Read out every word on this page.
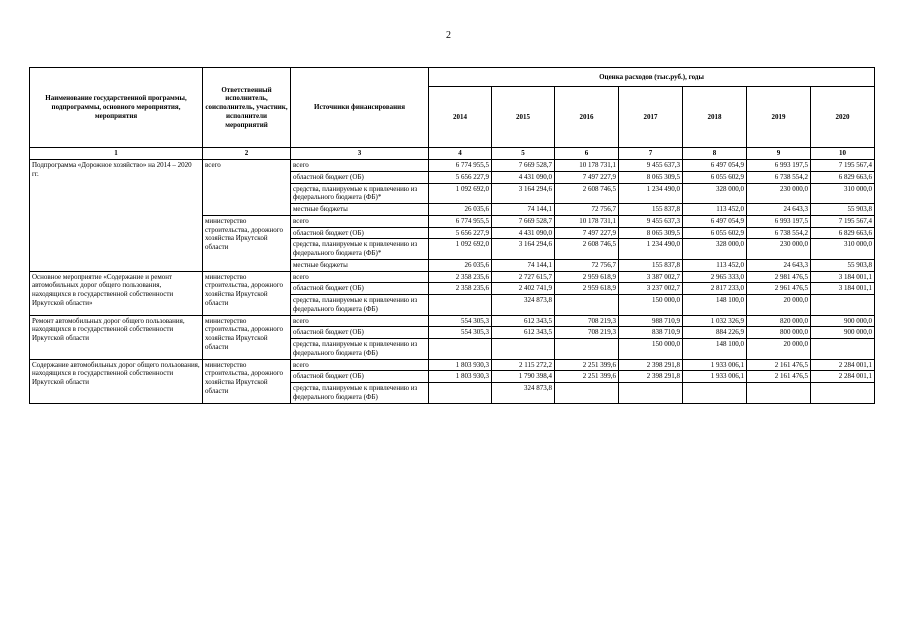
2
Наименование государственной программы, подпрограммы, основного мероприятия, мероприятия	Ответственный исполнитель, соисполнитель, участник, исполнители мероприятий	Источники финансирования	Оценка расходов (тыс.руб.), годы						
			2014	2015	2016	2017	2018	2019	2020
1	2	3	4	5	6	7	8	9	10
Подпрограмма «Дорожное хозяйство» на 2014 – 2020 гг.	всего	всего	6 774 955,5	7 669 528,7	10 178 731,1	9 455 637,3	6 497 054,9	6 993 197,5	7 195 567,4
		областной бюджет (ОБ)	5 656 227,9	4 431 090,0	7 497 227,9	8 065 309,5	6 055 602,9	6 738 554,2	6 829 663,6
		средства, планируемые к привлечению из федерального бюджета (ФБ)*	1 092 692,0	3 164 294,6	2 608 746,5	1 234 490,0	328 000,0	230 000,0	310 000,0
		местные бюджеты	26 035,6	74 144,1	72 756,7	155 837,8	113 452,0	24 643,3	55 903,8
	министерство строительства, дорожного хозяйства Иркутской области	всего	6 774 955,5	7 669 528,7	10 178 731,1	9 455 637,3	6 497 054,9	6 993 197,5	7 195 567,4
		областной бюджет (ОБ)	5 656 227,9	4 431 090,0	7 497 227,9	8 065 309,5	6 055 602,9	6 738 554,2	6 829 663,6
		средства, планируемые к привлечению из федерального бюджета (ФБ)*	1 092 692,0	3 164 294,6	2 608 746,5	1 234 490,0	328 000,0	230 000,0	310 000,0
		местные бюджеты	26 035,6	74 144,1	72 756,7	155 837,8	113 452,0	24 643,3	55 903,8
Основное мероприятие «Содержание и ремонт автомобильных дорог общего пользования, находящихся в государственной собственности Иркутской области»	министерство строительства, дорожного хозяйства Иркутской области	всего	2 358 235,6	2 727 615,7	2 959 618,9	3 387 002,7	2 965 333,0	2 981 476,5	3 184 001,1
		областной бюджет (ОБ)	2 358 235,6	2 402 741,9	2 959 618,9	3 237 002,7	2 817 233,0	2 961 476,5	3 184 001,1
		средства, планируемые к привлечению из федерального бюджета (ФБ)		324 873,8		150 000,0	148 100,0	20 000,0	
Ремонт автомобильных дорог общего пользования, находящихся в государственной собственности Иркутской области	министерство строительства, дорожного хозяйства Иркутской области	всего	554 305,3	612 343,5	708 219,3	988 710,9	1 032 326,9	820 000,0	900 000,0
		областной бюджет (ОБ)	554 305,3	612 343,5	708 219,3	838 710,9	884 226,9	800 000,0	900 000,0
		средства, планируемые к привлечению из федерального бюджета (ФБ)				150 000,0	148 100,0	20 000,0	
Содержание автомобильных дорог общего пользования, находящихся в государственной собственности Иркутской области	министерство строительства, дорожного хозяйства Иркутской области	всего	1 803 930,3	2 115 272,2	2 251 399,6	2 398 291,8	1 933 006,1	2 161 476,5	2 284 001,1
		областной бюджет (ОБ)	1 803 930,3	1 790 398,4	2 251 399,6	2 398 291,8	1 933 006,1	2 161 476,5	2 284 001,1
		средства, планируемые к привлечению из федерального бюджета (ФБ)		324 873,8					
